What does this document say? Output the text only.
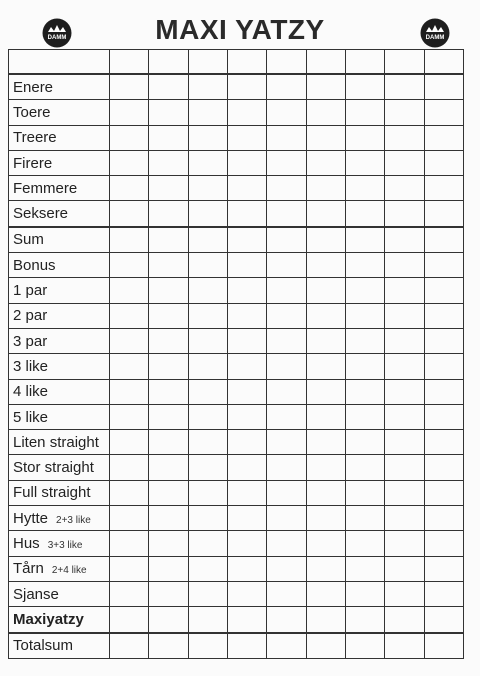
DAMM	MAXI YATZY	DAMM

Enere									
Toere									
Treere									
Firere									
Femmere									
Seksere									
Sum									
Bonus									
1 par									
2 par									
3 par									
3 like									
4 like									
5 like									
Liten straight									
Stor straight									
Full straight									
Hytte 2+3 like									
Hus 3+3 like									
Tårn 2+4 like									
Sjanse									
Maxiyatzy									
Totalsum									
